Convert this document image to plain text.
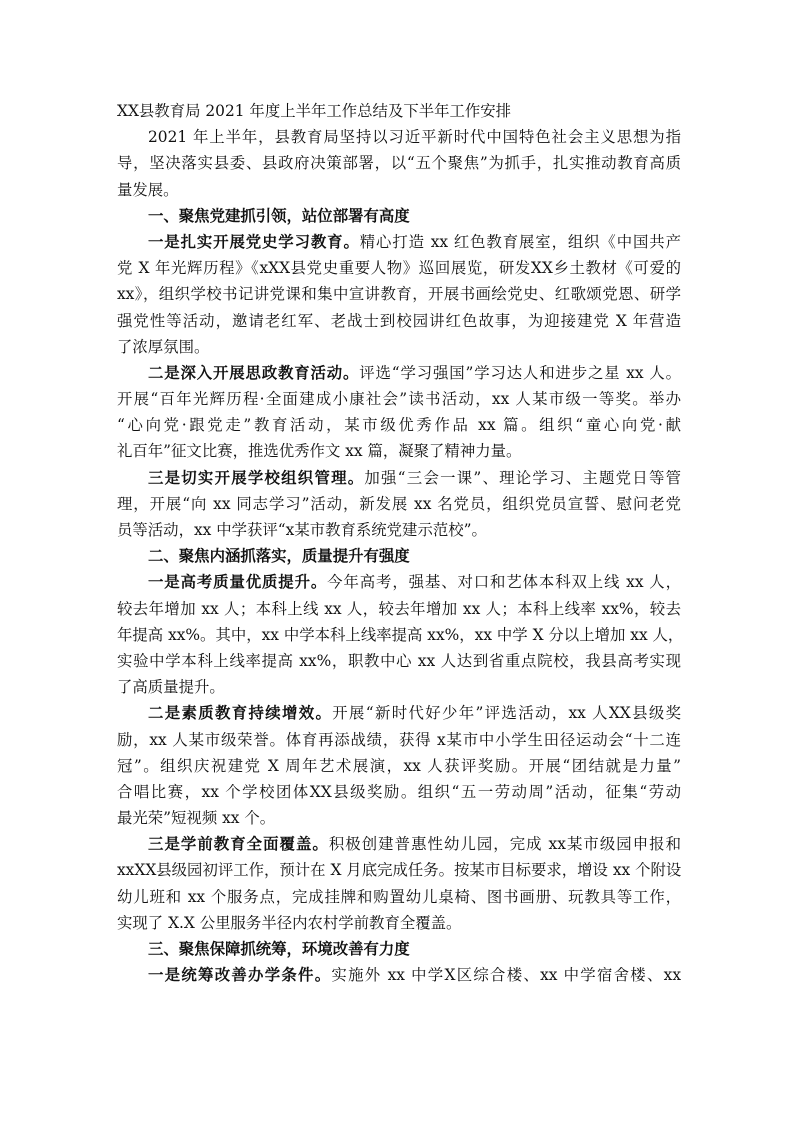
XX县教育局 2021 年度上半年工作总结及下半年工作安排
2021 年上半年，县教育局坚持以习近平新时代中国特色社会主义思想为指
导，坚决落实县委、县政府决策部署，以“五个聚焦”为抓手，扎实推动教育高质
量发展。
一、聚焦党建抓引领，站位部署有高度
一是扎实开展党史学习教育。精心打造 xx 红色教育展室，组织《中国共产
党 X 年光辉历程》《xXX县党史重要人物》巡回展览，研发XX乡土教材《可爱的
xx》，组织学校书记讲党课和集中宣讲教育，开展书画绘党史、红歌颂党恩、研学
强党性等活动，邀请老红军、老战士到校园讲红色故事，为迎接建党 X 年营造
了浓厚氛围。
二是深入开展思政教育活动。评选“学习强国”学习达人和进步之星 xx 人。
开展“百年光辉历程·全面建成小康社会”读书活动，xx 人某市级一等奖。举办
“心向党·跟党走”教育活动，某市级优秀作品 xx 篇。组织“童心向党·献
礼百年”征文比赛，推选优秀作文 xx 篇，凝聚了精神力量。
三是切实开展学校组织管理。加强“三会一课”、理论学习、主题党日等管
理，开展“向 xx 同志学习”活动，新发展 xx 名党员，组织党员宣誓、慰问老党
员等活动，xx 中学获评“x某市教育系统党建示范校”。
二、聚焦内涵抓落实，质量提升有强度
一是高考质量优质提升。今年高考，强基、对口和艺体本科双上线 xx 人，
较去年增加 xx 人；本科上线 xx 人，较去年增加 xx 人；本科上线率 xx%，较去
年提高 xx%。其中，xx 中学本科上线率提高 xx%，xx 中学 X 分以上增加 xx 人，
实验中学本科上线率提高 xx%，职教中心 xx 人达到省重点院校，我县高考实现
了高质量提升。
二是素质教育持续增效。开展“新时代好少年”评选活动，xx 人XX县级奖
励，xx 人某市级荣誉。体育再添战绩，获得 x某市中小学生田径运动会“十二连
冠”。组织庆祝建党 X 周年艺术展演，xx 人获评奖励。开展“团结就是力量”
合唱比赛，xx 个学校团体XX县级奖励。组织“五一劳动周”活动，征集“劳动
最光荣”短视频 xx 个。
三是学前教育全面覆盖。积极创建普惠性幼儿园，完成 xx某市级园申报和
xxXX县级园初评工作，预计在 X 月底完成任务。按某市目标要求，增设 xx 个附设
幼儿班和 xx 个服务点，完成挂牌和购置幼儿桌椅、图书画册、玩教具等工作，
实现了 X.X 公里服务半径内农村学前教育全覆盖。
三、聚焦保障抓统筹，环境改善有力度
一是统筹改善办学条件。实施外 xx 中学X区综合楼、xx 中学宿舍楼、xx
